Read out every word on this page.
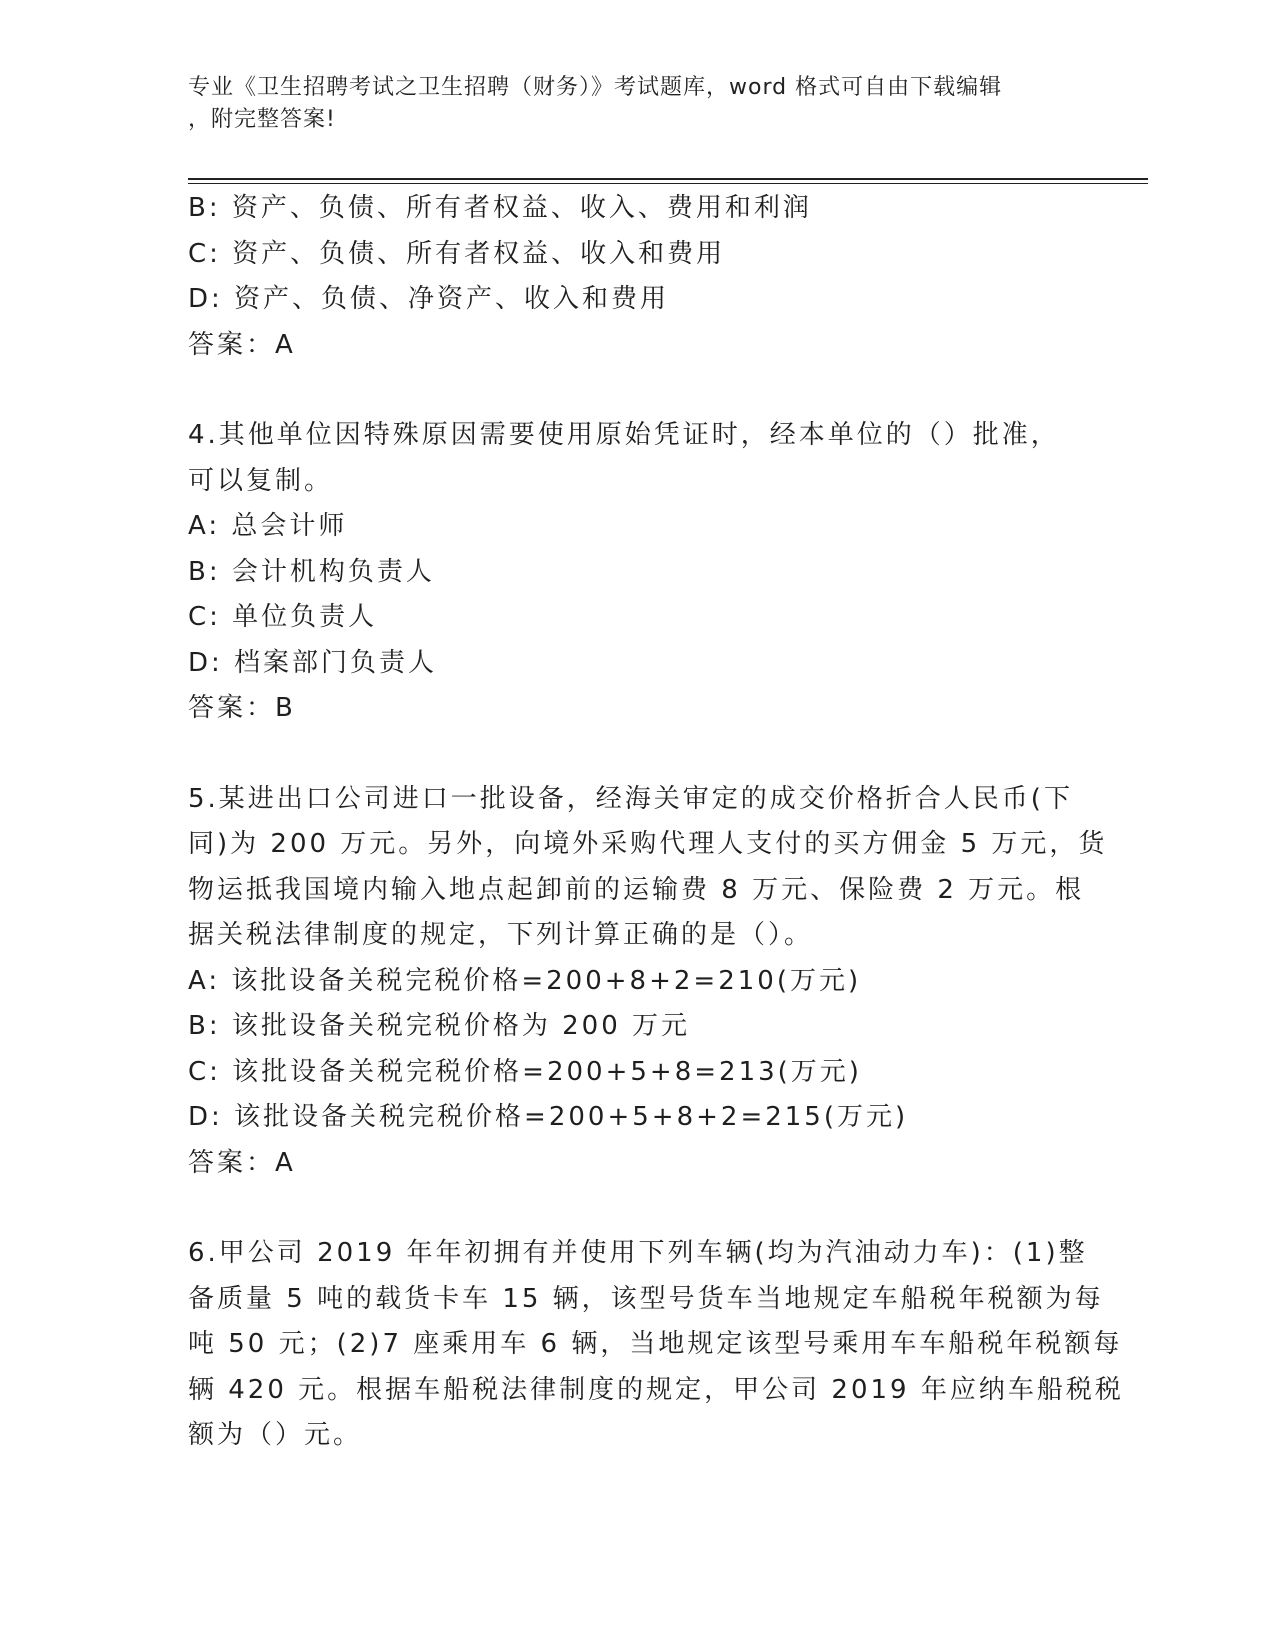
专业《卫生招聘考试之卫生招聘（财务）》考试题库，word 格式可自由下载编辑
，附完整答案!
B: 资产、负债、所有者权益、收入、费用和利润
C: 资产、负债、所有者权益、收入和费用
D: 资产、负债、净资产、收入和费用
答案：A
4.其他单位因特殊原因需要使用原始凭证时，经本单位的（）批准，
可以复制。
A: 总会计师
B: 会计机构负责人
C: 单位负责人
D: 档案部门负责人
答案：B
5.某进出口公司进口一批设备，经海关审定的成交价格折合人民币(下
同)为 200 万元。另外，向境外采购代理人支付的买方佣金 5 万元，货
物运抵我国境内输入地点起卸前的运输费 8 万元、保险费 2 万元。根
据关税法律制度的规定，下列计算正确的是（）。
A: 该批设备关税完税价格=200+8+2=210(万元)
B: 该批设备关税完税价格为 200 万元
C: 该批设备关税完税价格=200+5+8=213(万元)
D: 该批设备关税完税价格=200+5+8+2=215(万元)
答案：A
6.甲公司 2019 年年初拥有并使用下列车辆(均为汽油动力车)：(1)整
备质量 5 吨的载货卡车 15 辆，该型号货车当地规定车船税年税额为每
吨 50 元；(2)7 座乘用车 6 辆，当地规定该型号乘用车车船税年税额每
辆 420 元。根据车船税法律制度的规定，甲公司 2019 年应纳车船税税
额为（）元。
